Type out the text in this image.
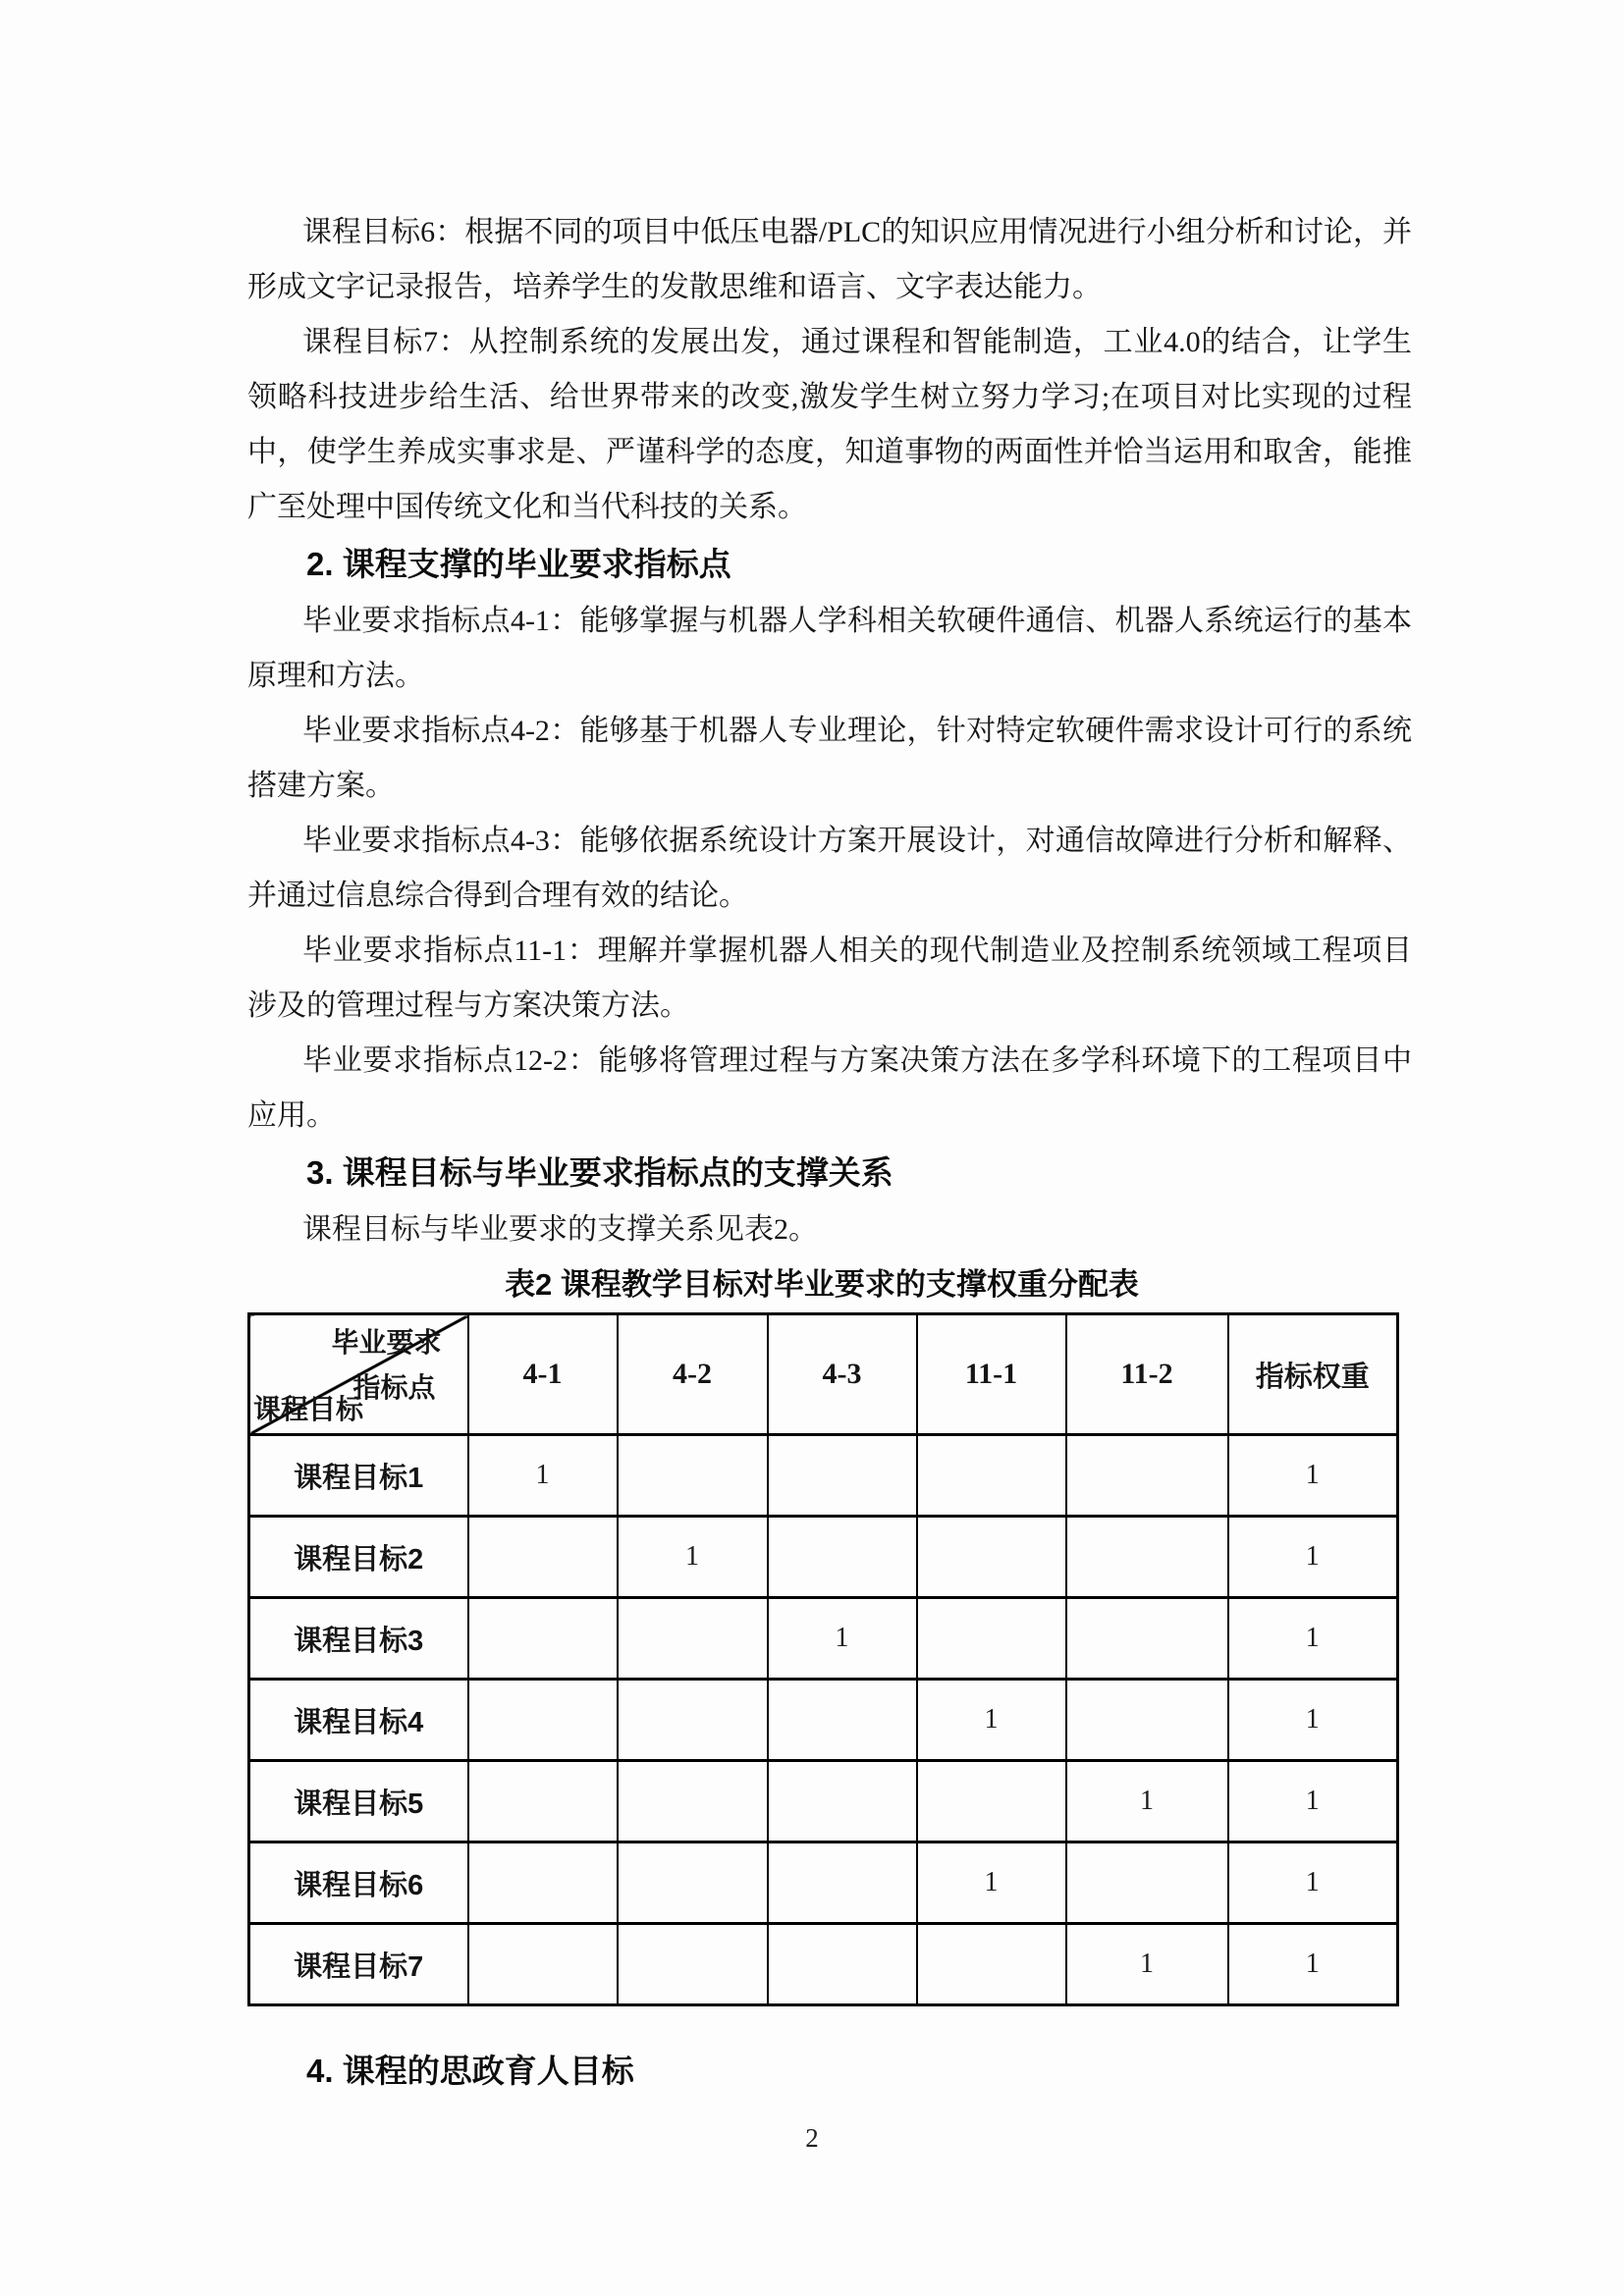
课程目标6：根据不同的项目中低压电器/PLC的知识应用情况进行小组分析和讨论，并形成文字记录报告，培养学生的发散思维和语言、文字表达能力。

课程目标7：从控制系统的发展出发，通过课程和智能制造，工业4.0的结合，让学生领略科技进步给生活、给世界带来的改变,激发学生树立努力学习;在项目对比实现的过程中，使学生养成实事求是、严谨科学的态度，知道事物的两面性并恰当运用和取舍，能推广至处理中国传统文化和当代科技的关系。

2. 课程支撑的毕业要求指标点

毕业要求指标点4-1：能够掌握与机器人学科相关软硬件通信、机器人系统运行的基本原理和方法。

毕业要求指标点4-2：能够基于机器人专业理论，针对特定软硬件需求设计可行的系统搭建方案。

毕业要求指标点4-3：能够依据系统设计方案开展设计，对通信故障进行分析和解释、并通过信息综合得到合理有效的结论。

毕业要求指标点11-1：理解并掌握机器人相关的现代制造业及控制系统领域工程项目涉及的管理过程与方案决策方法。

毕业要求指标点12-2：能够将管理过程与方案决策方法在多学科环境下的工程项目中应用。

3. 课程目标与毕业要求指标点的支撑关系

课程目标与毕业要求的支撑关系见表2。

表2 课程教学目标对毕业要求的支撑权重分配表
毕业要求
指标点
课程目标	4-1	4-2	4-3	11-1	11-2	指标权重
课程目标1	1					1
课程目标2		1				1
课程目标3			1			1
课程目标4				1		1
课程目标5					1	1
课程目标6				1		1
课程目标7					1	1
4. 课程的思政育人目标
2
